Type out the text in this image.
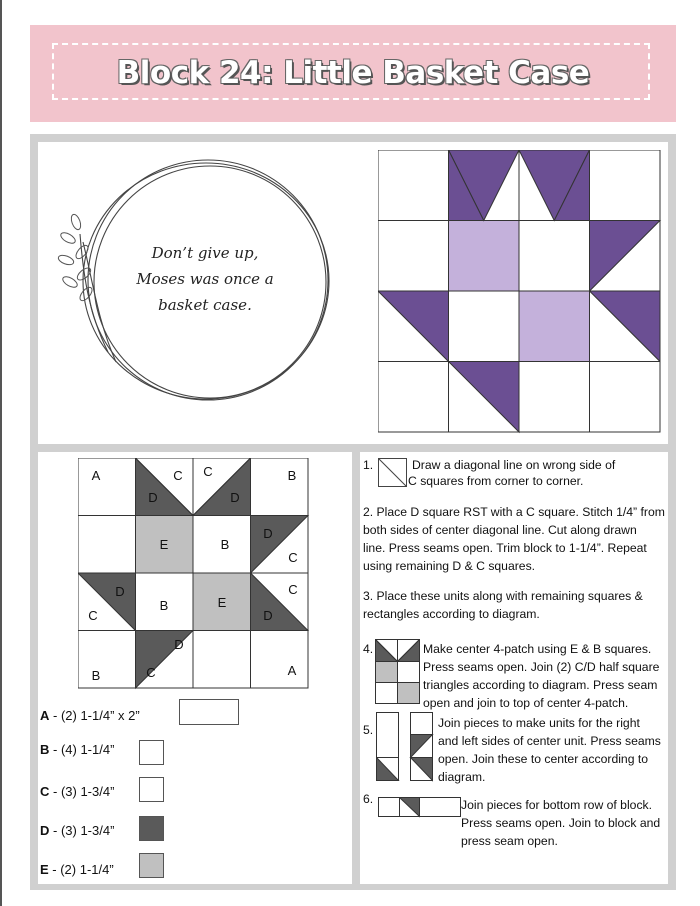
Block 24: Little Basket Case
Don’t give up,
Moses was once a
basket case.
A	C C	B
D	D
E	B
D
C
D
C
B	E
C
D
D
C
B	A
A - (2) 1-1/4” x 2”
B - (4) 1-1/4”
C - (3) 1-3/4”
D - (3) 1-3/4”
E - (2) 1-1/4”
1.	Draw a diagonal line on wrong side of
C squares from corner to corner.
2. Place D square RST with a C square. Stitch 1/4” from
both sides of center diagonal line. Cut along drawn
line. Press seams open. Trim block to 1-1/4”. Repeat
using remaining D & C squares.
3. Place these units along with remaining squares &
rectangles according to diagram.
4.	Make center 4-patch using E & B squares.
Press seams open. Join (2) C/D half square
triangles according to diagram. Press seam
open and join to top of center 4-patch.
5.	Join pieces to make units for the right
and left sides of center unit. Press seams
open. Join these to center according to
diagram.
6.	Join pieces for bottom row of block.
Press seams open. Join to block and
press seam open.
